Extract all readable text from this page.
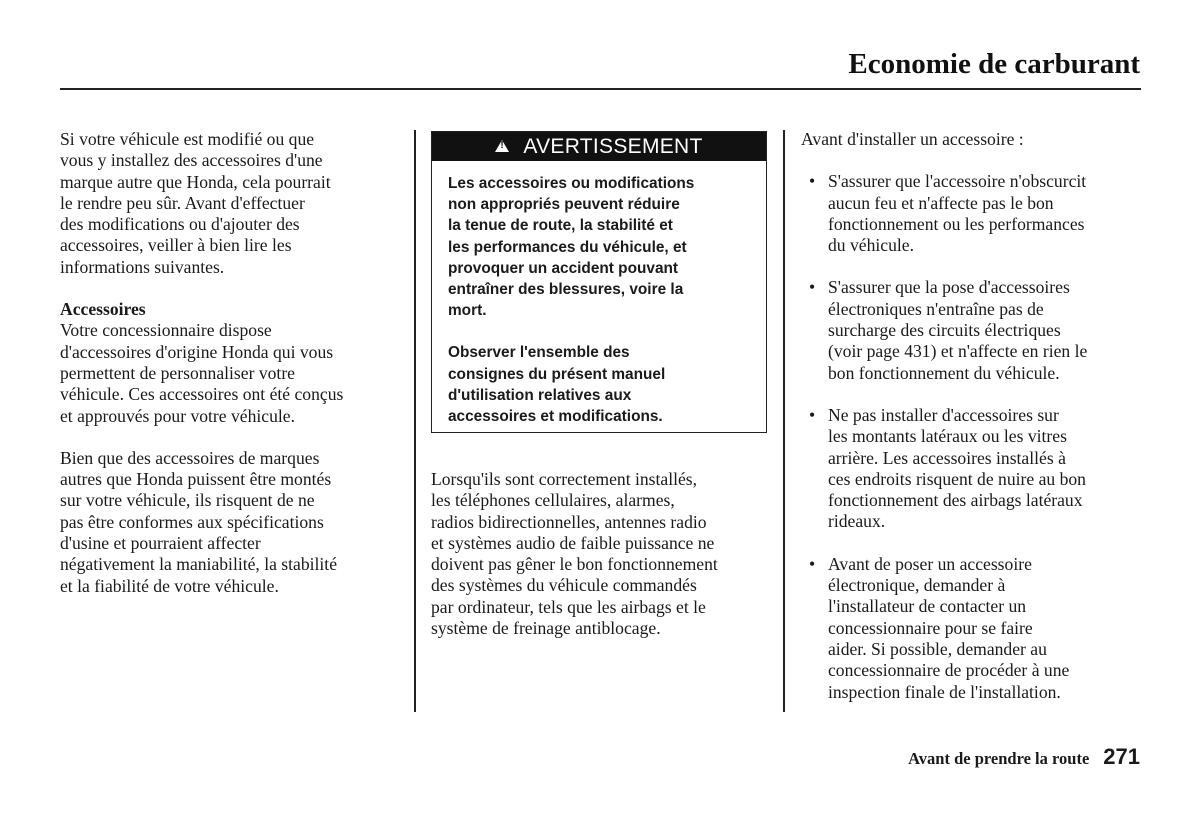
Economie de carburant

Si votre véhicule est modifié ou que
vous y installez des accessoires d'une
marque autre que Honda, cela pourrait
le rendre peu sûr. Avant d'effectuer
des modifications ou d'ajouter des
accessoires, veiller à bien lire les
informations suivantes.

Accessoires

Votre concessionnaire dispose
d'accessoires d'origine Honda qui vous
permettent de personnaliser votre
véhicule. Ces accessoires ont été conçus
et approuvés pour votre véhicule.

Bien que des accessoires de marques
autres que Honda puissent être montés
sur votre véhicule, ils risquent de ne
pas être conformes aux spécifications
d'usine et pourraient affecter
négativement la maniabilité, la stabilité
et la fiabilité de votre véhicule.

!
AVERTISSEMENT

Les accessoires ou modifications
non appropriés peuvent réduire
la tenue de route, la stabilité et
les performances du véhicule, et
provoquer un accident pouvant
entraîner des blessures, voire la
mort.

Observer l'ensemble des
consignes du présent manuel
d'utilisation relatives aux
accessoires et modifications.

Lorsqu'ils sont correctement installés,
les téléphones cellulaires, alarmes,
radios bidirectionnelles, antennes radio
et systèmes audio de faible puissance ne
doivent pas gêner le bon fonctionnement
des systèmes du véhicule commandés
par ordinateur, tels que les airbags et le
système de freinage antiblocage.

Avant d'installer un accessoire :

• S'assurer que l'accessoire n'obscurcit
aucun feu et n'affecte pas le bon
fonctionnement ou les performances
du véhicule.
• S'assurer que la pose d'accessoires
électroniques n'entraîne pas de
surcharge des circuits électriques
(voir page 431) et n'affecte en rien le
bon fonctionnement du véhicule.
• Ne pas installer d'accessoires sur
les montants latéraux ou les vitres
arrière. Les accessoires installés à
ces endroits risquent de nuire au bon
fonctionnement des airbags latéraux
rideaux.
• Avant de poser un accessoire
électronique, demander à
l'installateur de contacter un
concessionnaire pour se faire
aider. Si possible, demander au
concessionnaire de procéder à une
inspection finale de l'installation.
Avant de prendre la route 271
